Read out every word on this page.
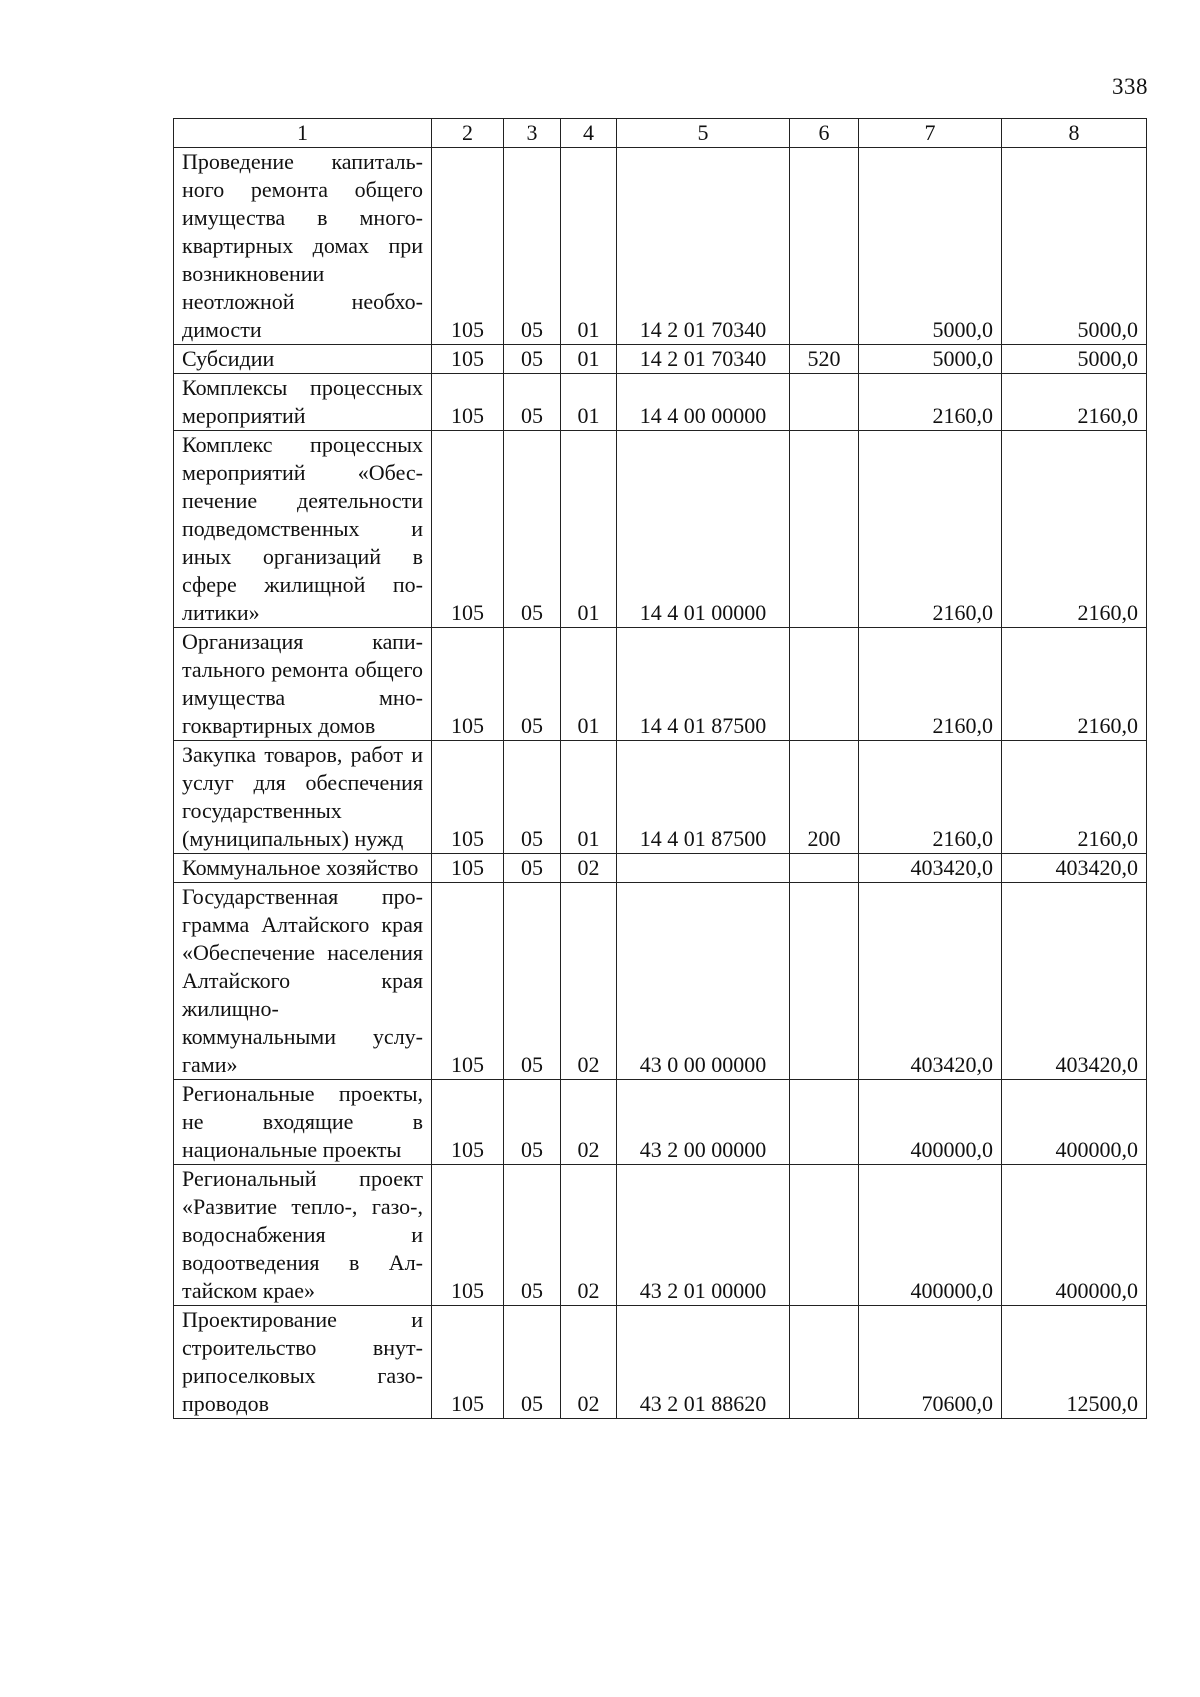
338
1	2	3	4	5	6	7	8
Проведение капитального ремонта общего имущества в многоквартирных домах при возникновении неотложной необходимости	105	05	01	14 2 01 70340		5000,0	5000,0
Субсидии	105	05	01	14 2 01 70340	520	5000,0	5000,0
Комплексы процессных мероприятий	105	05	01	14 4 00 00000		2160,0	2160,0
Комплекс процессных мероприятий «Обеспечение деятельности подведомственных и иных организаций в сфере жилищной политики»	105	05	01	14 4 01 00000		2160,0	2160,0
Организация капитального ремонта общего имущества многоквартирных домов	105	05	01	14 4 01 87500		2160,0	2160,0
Закупка товаров, работ и услуг для обеспечения государственных (муниципальных) нужд	105	05	01	14 4 01 87500	200	2160,0	2160,0
Коммунальное хозяйство	105	05	02			403420,0	403420,0
Государственная программа Алтайского края «Обеспечение населения Алтайского края жилищно-коммунальными услугами»	105	05	02	43 0 00 00000		403420,0	403420,0
Региональные проекты, не входящие в национальные проекты	105	05	02	43 2 00 00000		400000,0	400000,0
Региональный проект «Развитие тепло-, газо-, водоснабжения и водоотведения в Алтайском крае»	105	05	02	43 2 01 00000		400000,0	400000,0
Проектирование и строительство внутрипоселковых газопроводов	105	05	02	43 2 01 88620		70600,0	12500,0
